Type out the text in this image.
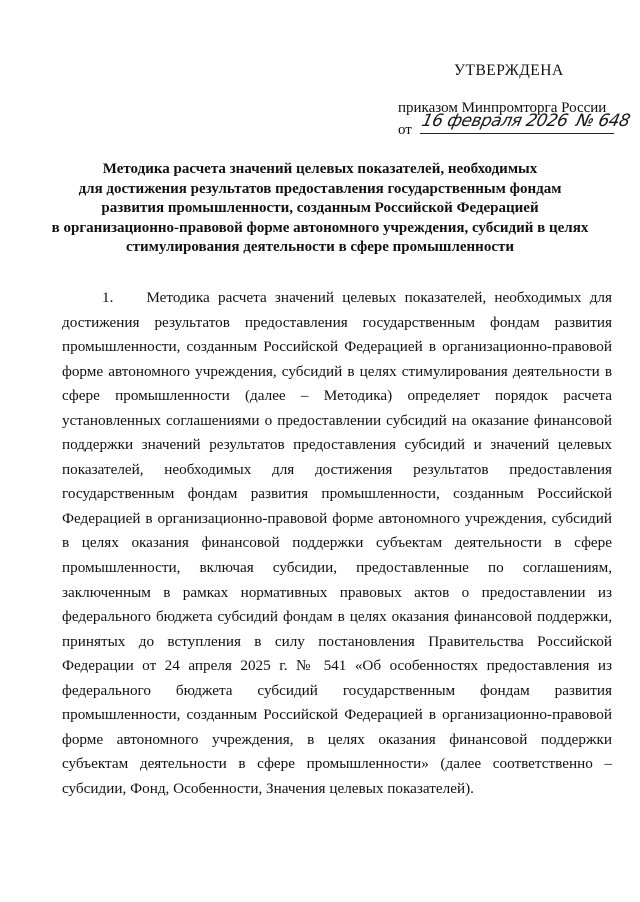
УТВЕРЖДЕНА
приказом Минпромторга России
от 16 февраля 2026 № 648
Методика расчета значений целевых показателей, необходимых
для достижения результатов предоставления государственным фондам
развития промышленности, созданным Российской Федерацией
в организационно-правовой форме автономного учреждения, субсидий в целях
стимулирования деятельности в сфере промышленности

1. Методика расчета значений целевых показателей, необходимых для достижения результатов предоставления государственным фондам развития промышленности, созданным Российской Федерацией в организационно-правовой форме автономного учреждения, субсидий в целях стимулирования деятельности в сфере промышленности (далее – Методика) определяет порядок расчета установленных соглашениями о предоставлении субсидий на оказание финансовой поддержки значений результатов предоставления субсидий и значений целевых показателей, необходимых для достижения результатов предоставления государственным фондам развития промышленности, созданным Российской Федерацией в организационно-правовой форме автономного учреждения, субсидий в целях оказания финансовой поддержки субъектам деятельности в сфере промышленности, включая субсидии, предоставленные по соглашениям, заключенным в рамках нормативных правовых актов о предоставлении из федерального бюджета субсидий фондам в целях оказания финансовой поддержки, принятых до вступления в силу постановления Правительства Российской Федерации от 24 апреля 2025 г. № 541 «Об особенностях предоставления из федерального бюджета субсидий государственным фондам развития промышленности, созданным Российской Федерацией в организационно-правовой форме автономного учреждения, в целях оказания финансовой поддержки субъектам деятельности в сфере промышленности» (далее соответственно – субсидии, Фонд, Особенности, Значения целевых показателей).
